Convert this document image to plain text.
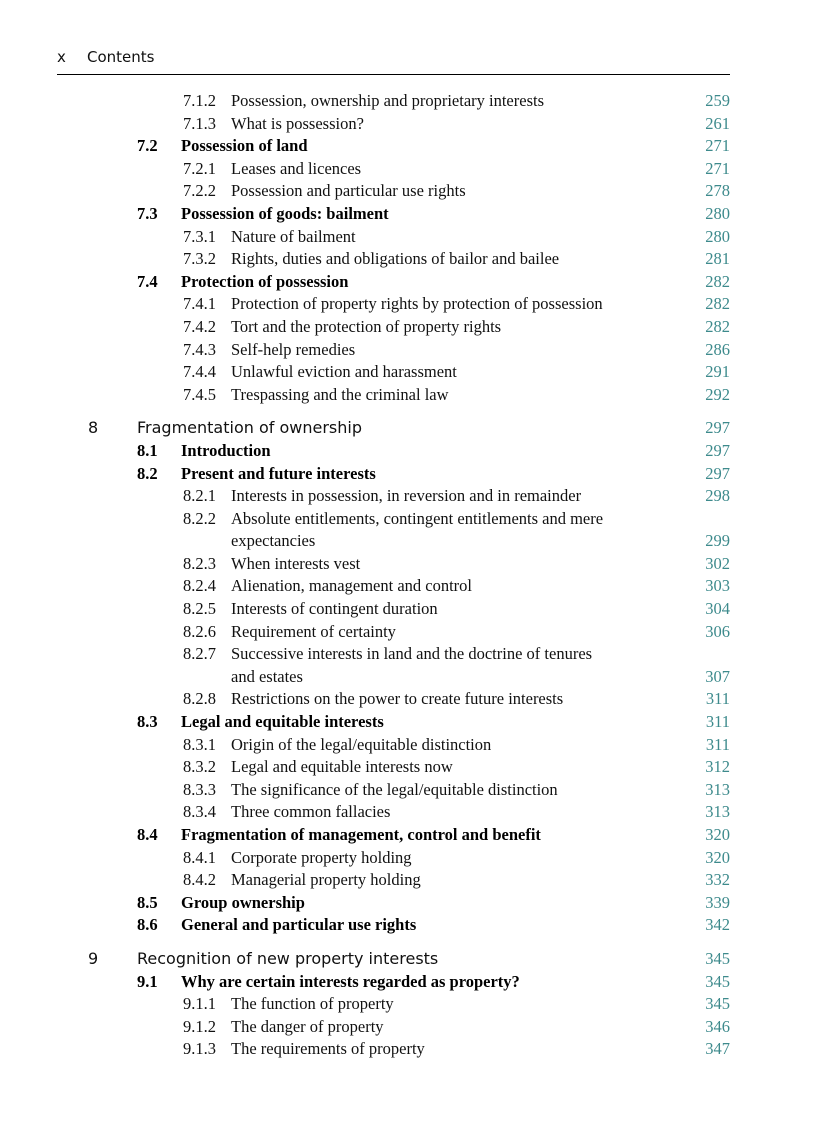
x Contents
7.1.2 Possession, ownership and proprietary interests	259
7.1.3 What is possession?	261
7.2 Possession of land	271
7.2.1 Leases and licences	271
7.2.2 Possession and particular use rights	278
7.3 Possession of goods: bailment	280
7.3.1 Nature of bailment	280
7.3.2 Rights, duties and obligations of bailor and bailee	281
7.4 Protection of possession	282
7.4.1 Protection of property rights by protection of possession	282
7.4.2 Tort and the protection of property rights	282
7.4.3 Self-help remedies	286
7.4.4 Unlawful eviction and harassment	291
7.4.5 Trespassing and the criminal law	292
8 Fragmentation of ownership	297
8.1 Introduction	297
8.2 Present and future interests	297
8.2.1 Interests in possession, in reversion and in remainder	298
8.2.2 Absolute entitlements, contingent entitlements and mere
expectancies	299
8.2.3 When interests vest	302
8.2.4 Alienation, management and control	303
8.2.5 Interests of contingent duration	304
8.2.6 Requirement of certainty	306
8.2.7 Successive interests in land and the doctrine of tenures
and estates	307
8.2.8 Restrictions on the power to create future interests	311
8.3 Legal and equitable interests	311
8.3.1 Origin of the legal/equitable distinction	311
8.3.2 Legal and equitable interests now	312
8.3.3 The significance of the legal/equitable distinction	313
8.3.4 Three common fallacies	313
8.4 Fragmentation of management, control and benefit	320
8.4.1 Corporate property holding	320
8.4.2 Managerial property holding	332
8.5 Group ownership	339
8.6 General and particular use rights	342
9 Recognition of new property interests	345
9.1 Why are certain interests regarded as property?	345
9.1.1 The function of property	345
9.1.2 The danger of property	346
9.1.3 The requirements of property	347
